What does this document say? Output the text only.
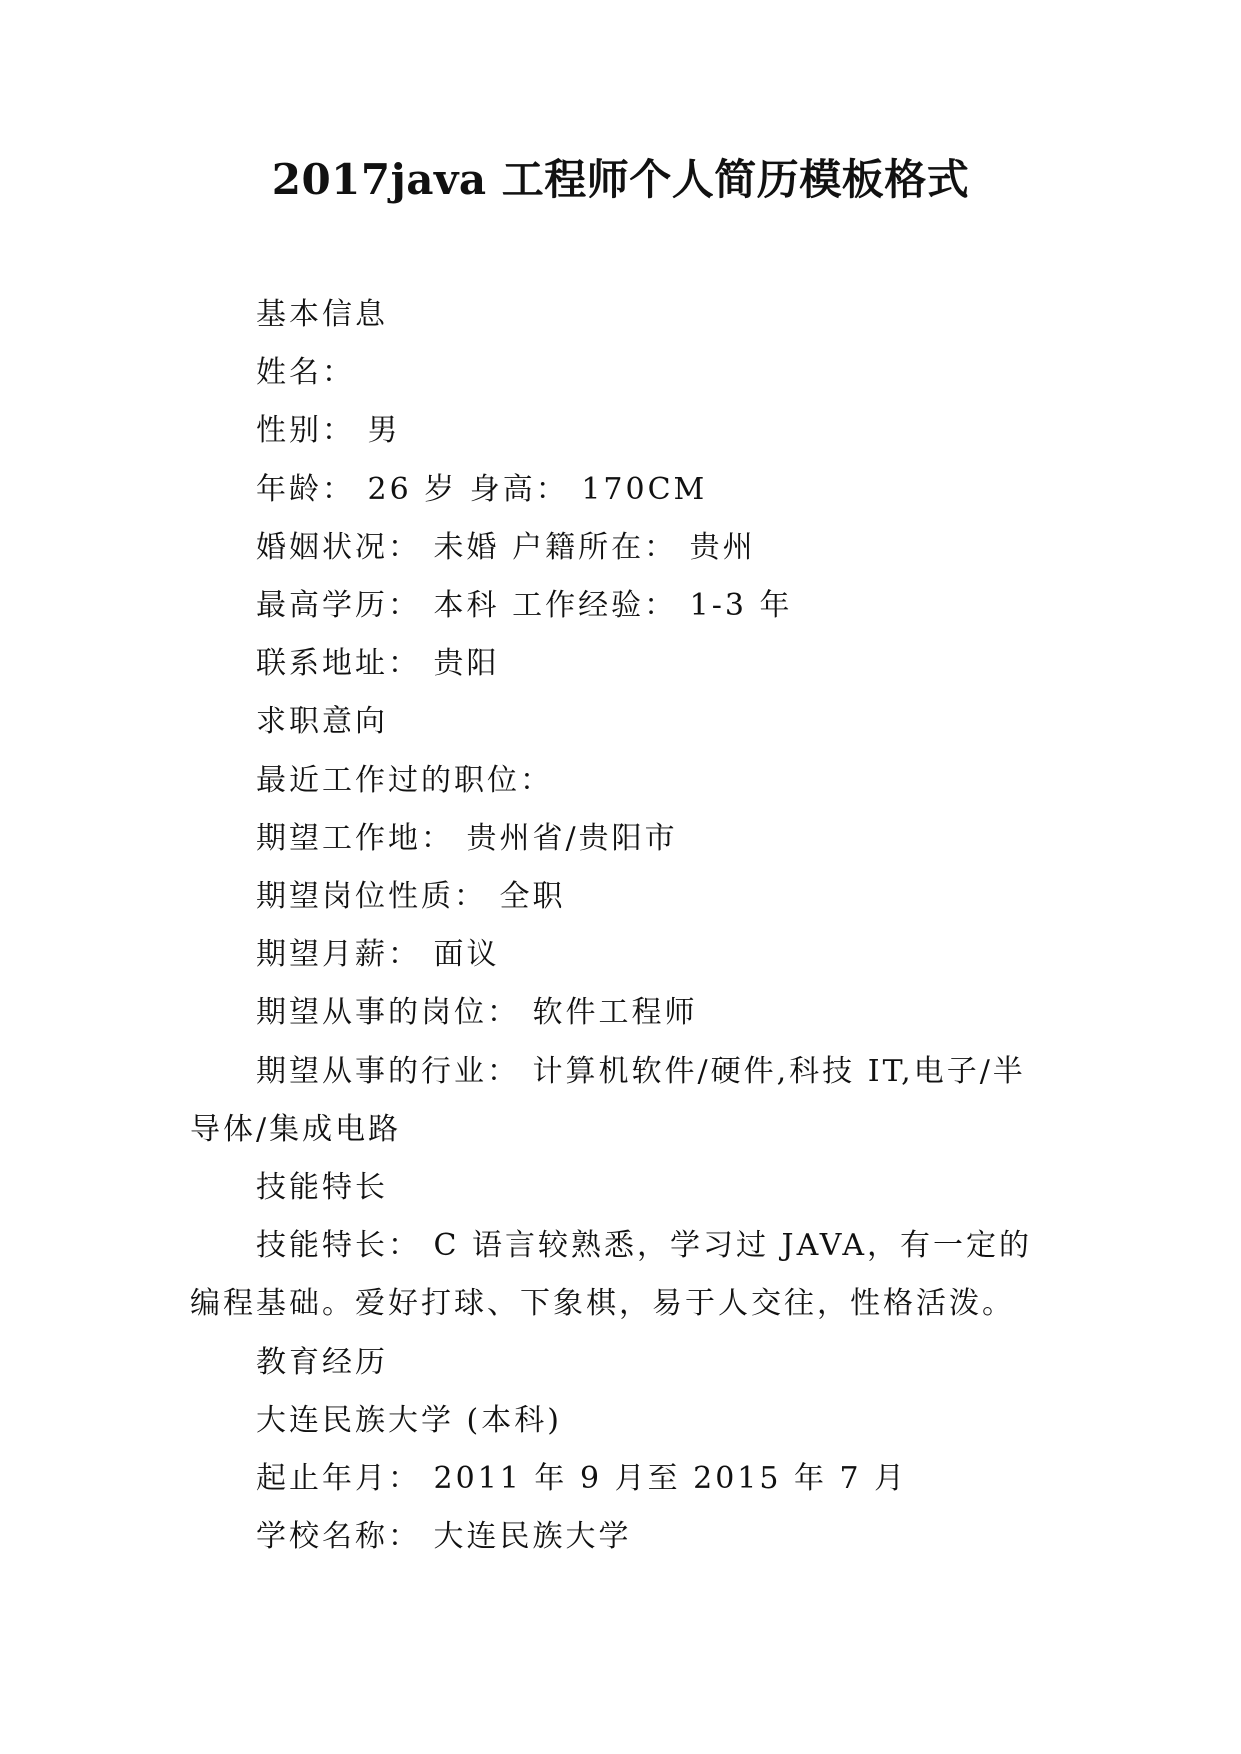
2017java 工程师个人简历模板格式

基本信息

姓名：

性别： 男

年龄： 26 岁 身高： 170CM

婚姻状况： 未婚 户籍所在： 贵州

最高学历： 本科 工作经验： 1-3 年

联系地址： 贵阳

求职意向

最近工作过的职位：

期望工作地： 贵州省/贵阳市

期望岗位性质： 全职

期望月薪： 面议

期望从事的岗位： 软件工程师

期望从事的行业： 计算机软件/硬件,科技 IT,电子/半导体/集成电路

技能特长

技能特长： C 语言较熟悉，学习过 JAVA，有一定的编程基础。爱好打球、下象棋，易于人交往，性格活泼。

教育经历

大连民族大学 (本科)

起止年月： 2011 年 9 月至 2015 年 7 月

学校名称： 大连民族大学
